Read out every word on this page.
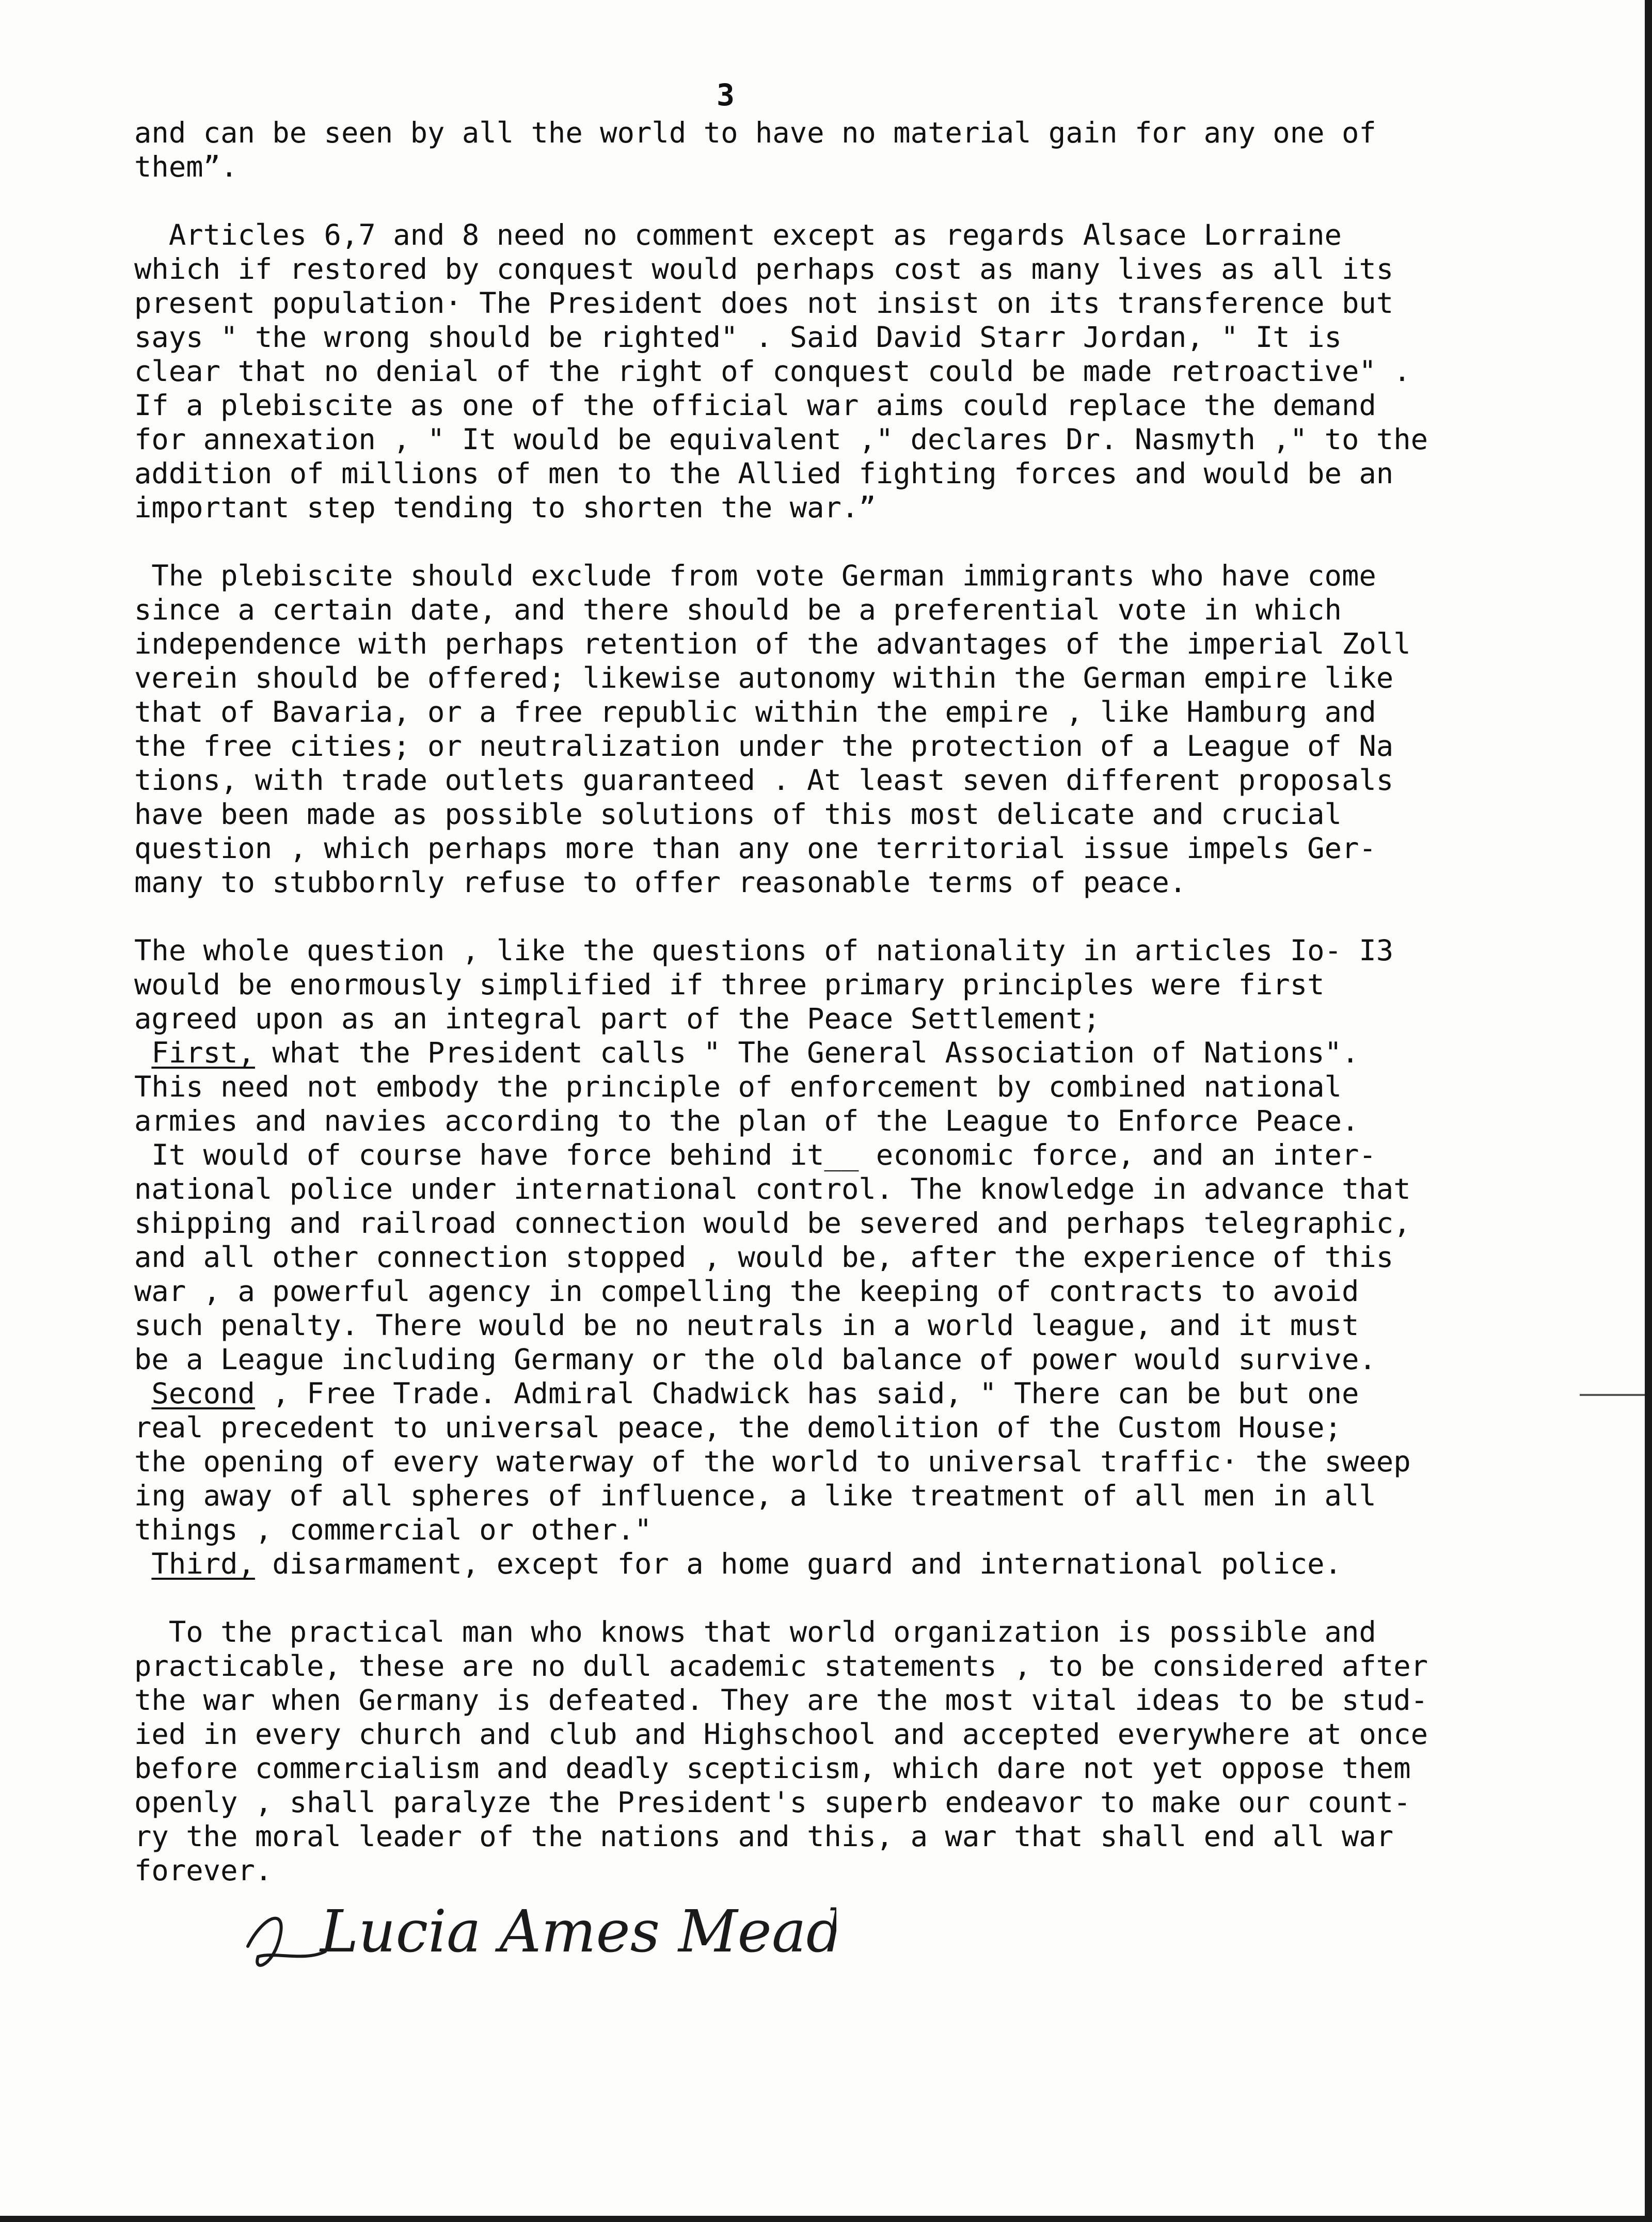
3
and can be seen by all the world to have no material gain for any one of
them”.
Articles 6,7 and 8 need no comment except as regards Alsace Lorraine
which if restored by conquest would perhaps cost as many lives as all its
present population· The President does not insist on its transference but
says " the wrong should be righted" . Said David Starr Jordan, " It is
clear that no denial of the right of conquest could be made retroactive" .
If a plebiscite as one of the official war aims could replace the demand
for annexation , " It would be equivalent ," declares Dr. Nasmyth ," to the
addition of millions of men to the Allied fighting forces and would be an
important step tending to shorten the war.”
The plebiscite should exclude from vote German immigrants who have come
since a certain date, and there should be a preferential vote in which
independence with perhaps retention of the advantages of the imperial Zoll
verein should be offered; likewise autonomy within the German empire like
that of Bavaria, or a free republic within the empire , like Hamburg and
the free cities; or neutralization under the protection of a League of Na
tions, with trade outlets guaranteed . At least seven different proposals
have been made as possible solutions of this most delicate and crucial
question , which perhaps more than any one territorial issue impels Ger-
many to stubbornly refuse to offer reasonable terms of peace.
The whole question , like the questions of nationality in articles Io- I3
would be enormously simplified if three primary principles were first
agreed upon as an integral part of the Peace Settlement;
First, what the President calls " The General Association of Nations".
This need not embody the principle of enforcement by combined national
armies and navies according to the plan of the League to Enforce Peace.
It would of course have force behind it__ economic force, and an inter-
national police under international control. The knowledge in advance that
shipping and railroad connection would be severed and perhaps telegraphic,
and all other connection stopped , would be, after the experience of this
war , a powerful agency in compelling the keeping of contracts to avoid
such penalty. There would be no neutrals in a world league, and it must
be a League including Germany or the old balance of power would survive.
Second , Free Trade. Admiral Chadwick has said, " There can be but one
real precedent to universal peace, the demolition of the Custom House;
the opening of every waterway of the world to universal traffic· the sweep
ing away of all spheres of influence, a like treatment of all men in all
things , commercial or other."
Third, disarmament, except for a home guard and international police.
To the practical man who knows that world organization is possible and
practicable, these are no dull academic statements , to be considered after
the war when Germany is defeated. They are the most vital ideas to be stud-
ied in every church and club and Highschool and accepted everywhere at once
before commercialism and deadly scepticism, which dare not yet oppose them
openly , shall paralyze the President's superb endeavor to make our count-
ry the moral leader of the nations and this, a war that shall end all war
forever.
Lucia Ames Mead.
